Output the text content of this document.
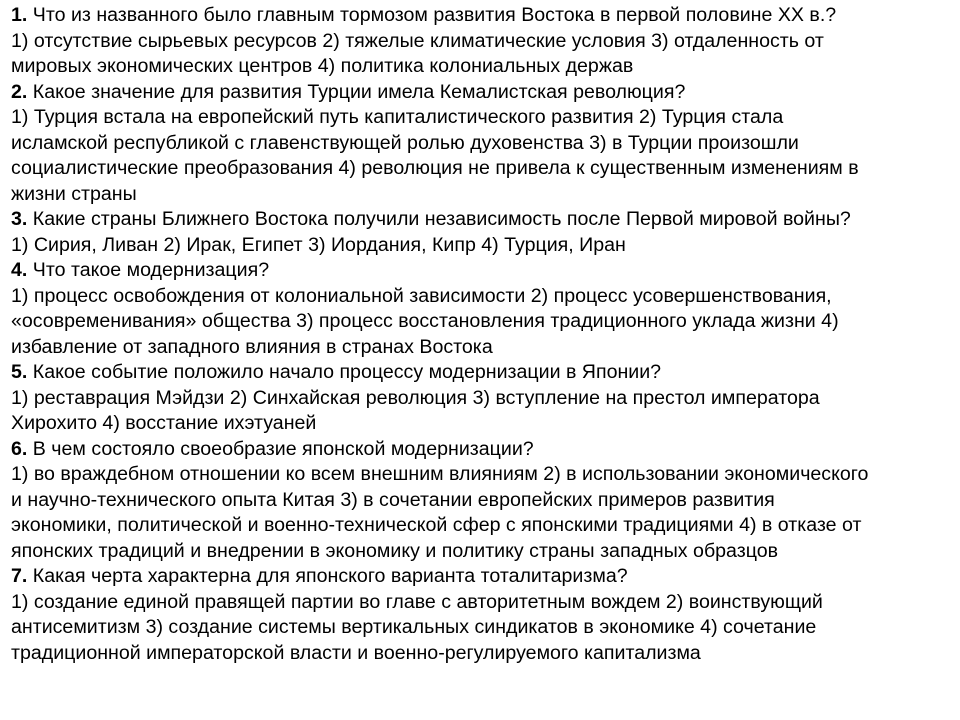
1. Что из названного было главным тормозом развития Востока в первой половине XX в.?
1) отсутствие сырьевых ресурсов 2) тяжелые климатические условия 3) отдаленность от
мировых экономических центров 4) политика колониальных держав
2. Какое значение для развития Турции имела Кемалистская революция?
1) Турция встала на европейский путь капиталистического развития 2) Турция стала
исламской республикой с главенствующей ролью духовенства 3) в Турции произошли
социалистические преобразования 4) революция не привела к существенным изменениям в
жизни страны
3. Какие страны Ближнего Востока получили независимость после Первой мировой войны?
1) Сирия, Ливан 2) Ирак, Египет 3) Иордания, Кипр 4) Турция, Иран
4. Что такое модернизация?
1) процесс освобождения от колониальной зависимости 2) процесс усовершенствования,
«осовременивания» общества 3) процесс восстановления традиционного уклада жизни 4)
избавление от западного влияния в странах Востока
5. Какое событие положило начало процессу модернизации в Японии?
1) реставрация Мэйдзи 2) Синхайская революция 3) вступление на престол императора
Хирохито 4) восстание ихэтуаней
6. В чем состояло своеобразие японской модернизации?
1) во враждебном отношении ко всем внешним влияниям 2) в использовании экономического
и научно-технического опыта Китая 3) в сочетании европейских примеров развития
экономики, политической и военно-технической сфер с японскими традициями 4) в отказе от
японских традиций и внедрении в экономику и политику страны западных образцов
7. Какая черта характерна для японского варианта тоталитаризма?
1) создание единой правящей партии во главе с авторитетным вождем 2) воинствующий
антисемитизм 3) создание системы вертикальных синдикатов в экономике 4) сочетание
традиционной императорской власти и военно-регулируемого капитализма
